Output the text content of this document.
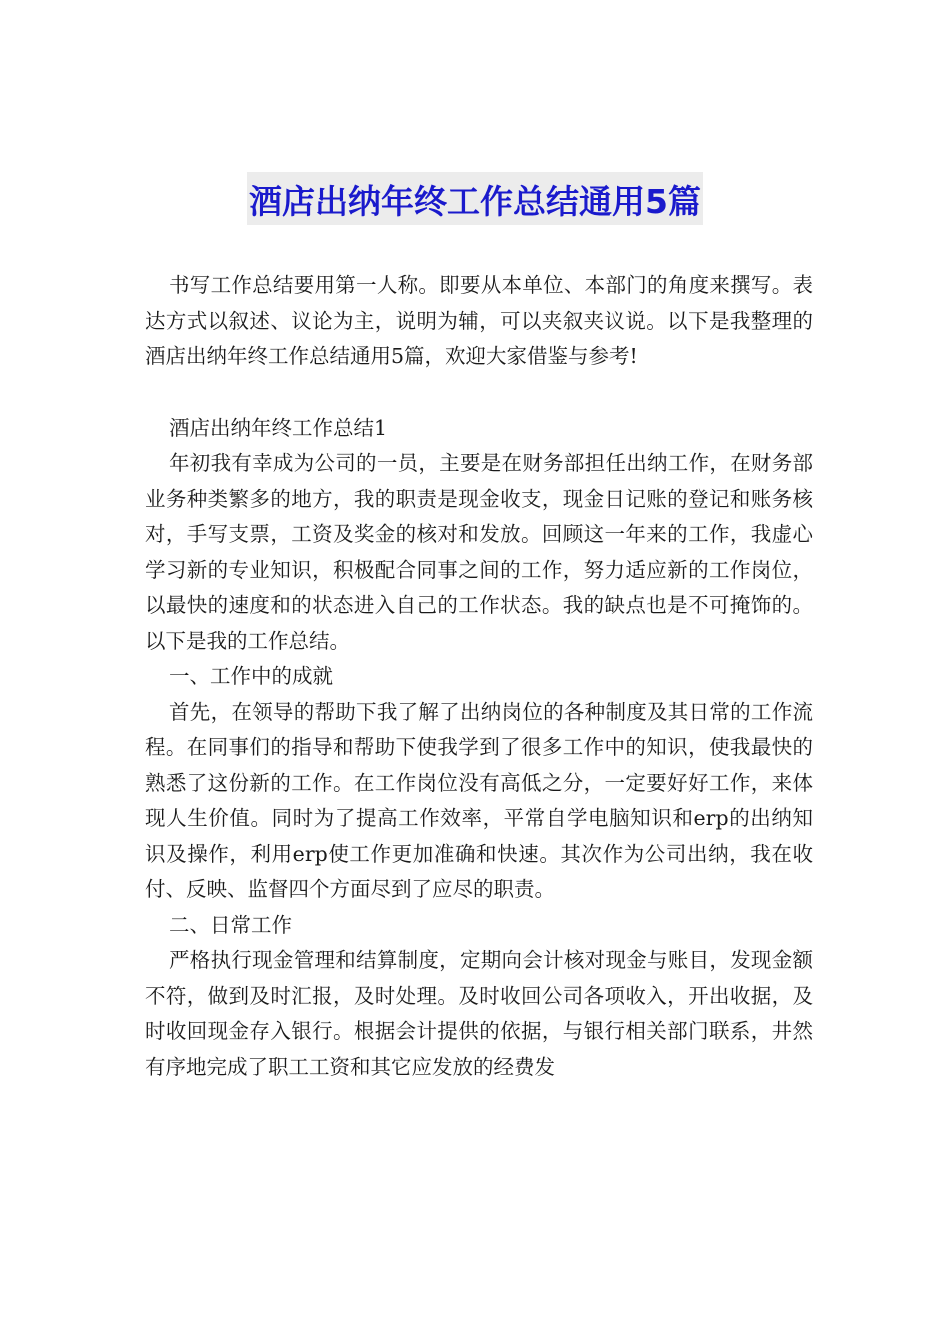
酒店出纳年终工作总结通用5篇

书写工作总结要用第一人称。即要从本单位、本部门的角度来撰写。表达方式以叙述、议论为主，说明为辅，可以夹叙夹议说。以下是我整理的酒店出纳年终工作总结通用5篇，欢迎大家借鉴与参考!

酒店出纳年终工作总结1

年初我有幸成为公司的一员，主要是在财务部担任出纳工作，在财务部业务种类繁多的地方，我的职责是现金收支，现金日记账的登记和账务核对，手写支票，工资及奖金的核对和发放。回顾这一年来的工作，我虚心学习新的专业知识，积极配合同事之间的工作，努力适应新的工作岗位，以最快的速度和的状态进入自己的工作状态。我的缺点也是不可掩饰的。以下是我的工作总结。

一、工作中的成就

首先，在领导的帮助下我了解了出纳岗位的各种制度及其日常的工作流程。在同事们的指导和帮助下使我学到了很多工作中的知识，使我最快的熟悉了这份新的工作。在工作岗位没有高低之分，一定要好好工作，来体现人生价值。同时为了提高工作效率，平常自学电脑知识和erp的出纳知识及操作，利用erp使工作更加准确和快速。其次作为公司出纳，我在收付、反映、监督四个方面尽到了应尽的职责。

二、日常工作

严格执行现金管理和结算制度，定期向会计核对现金与账目，发现金额不符，做到及时汇报，及时处理。及时收回公司各项收入，开出收据，及时收回现金存入银行。根据会计提供的依据，与银行相关部门联系，井然有序地完成了职工工资和其它应发放的经费发
